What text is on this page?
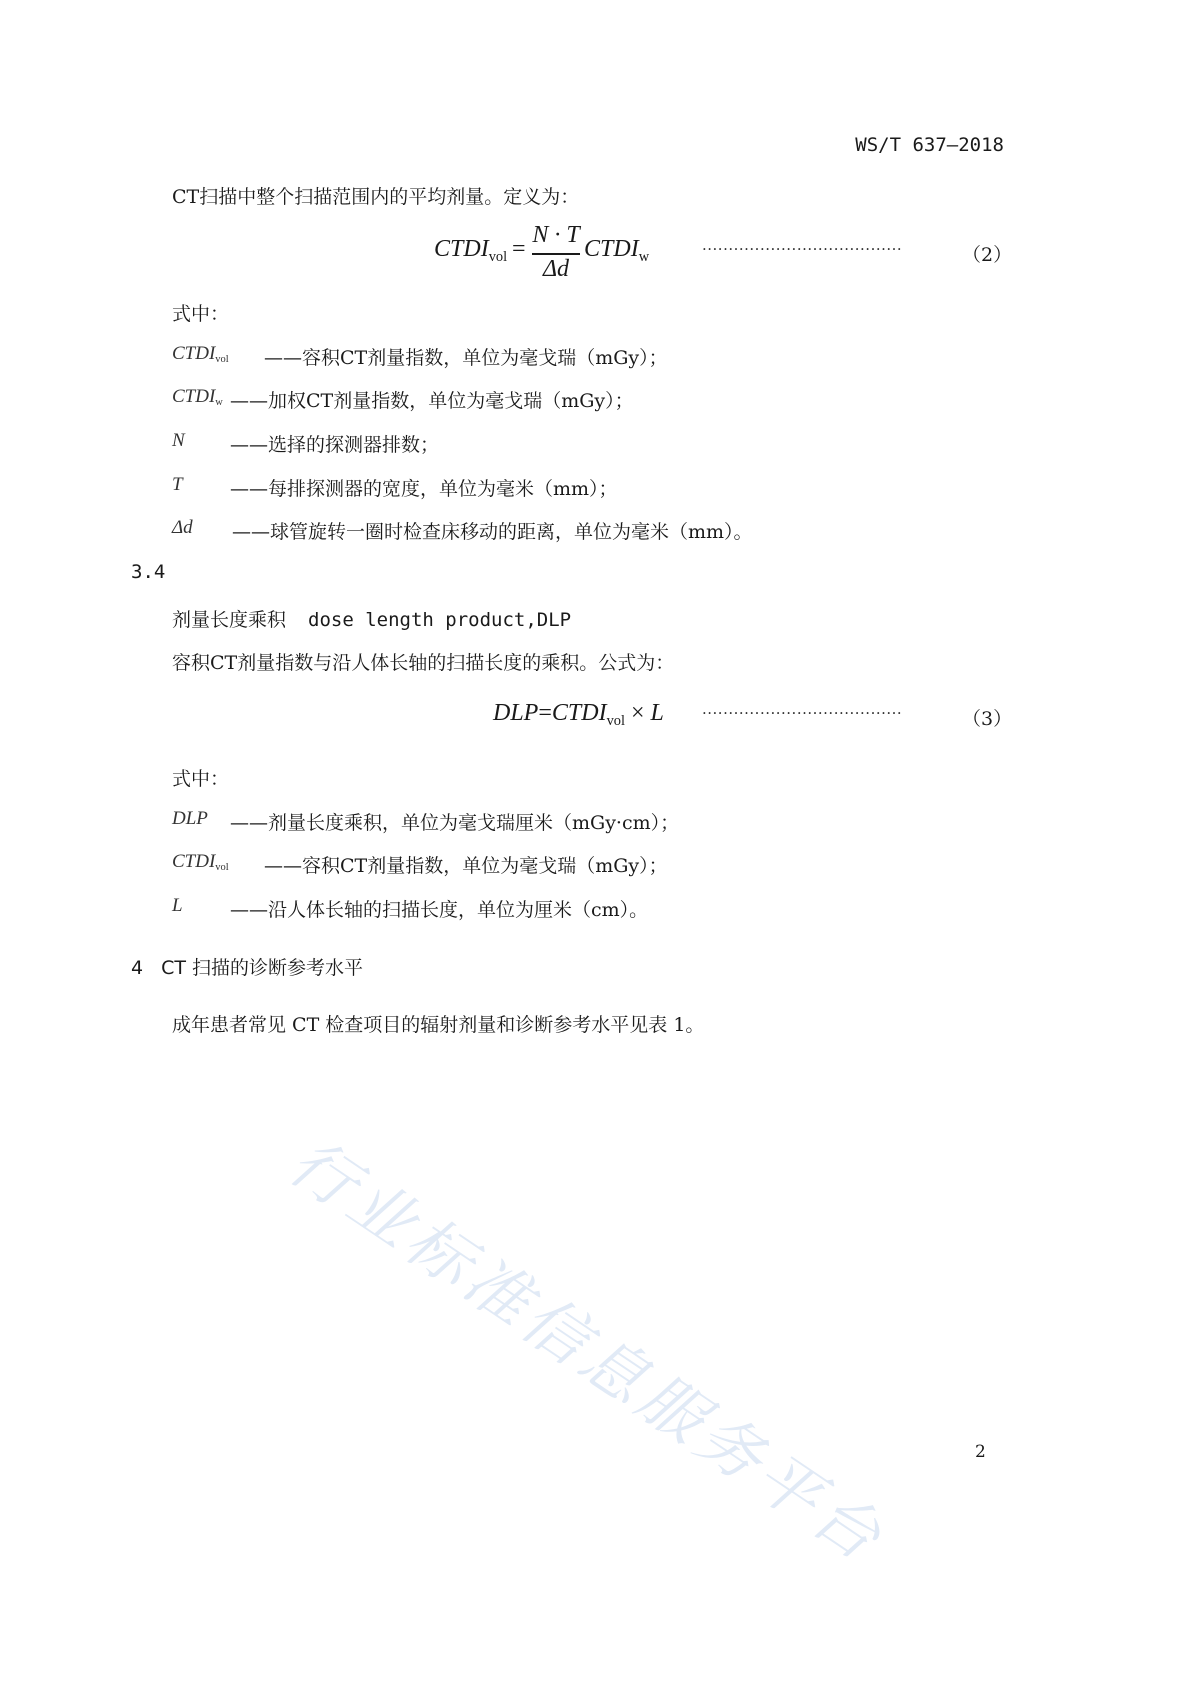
行业标准信息服务平台
WS/T 637—2018
CT扫描中整个扫描范围内的平均剂量。定义为：
$CTDI_{vol}$ =
N · T
Δd
$CTDI_w$	······································	（2）
式中：
CTDIvol ——容积CT剂量指数，单位为毫戈瑞（mGy）；
CTDIw ——加权CT剂量指数，单位为毫戈瑞（mGy）；
N ——选择的探测器排数；
T ——每排探测器的宽度，单位为毫米（mm）；
Δd ——球管旋转一圈时检查床移动的距离，单位为毫米（mm）。
3.4
剂量长度乘积 dose length product,DLP
容积CT剂量指数与沿人体长轴的扫描长度的乘积。公式为：
$DLP=CTDI_{vol} \times L$	······································	（3）
式中：
DLP ——剂量长度乘积，单位为毫戈瑞厘米（mGy·cm）；
CTDIvol ——容积CT剂量指数，单位为毫戈瑞（mGy）；
L ——沿人体长轴的扫描长度，单位为厘米（cm）。
4 CT 扫描的诊断参考水平
成年患者常见 CT 检查项目的辐射剂量和诊断参考水平见表 1。
2
